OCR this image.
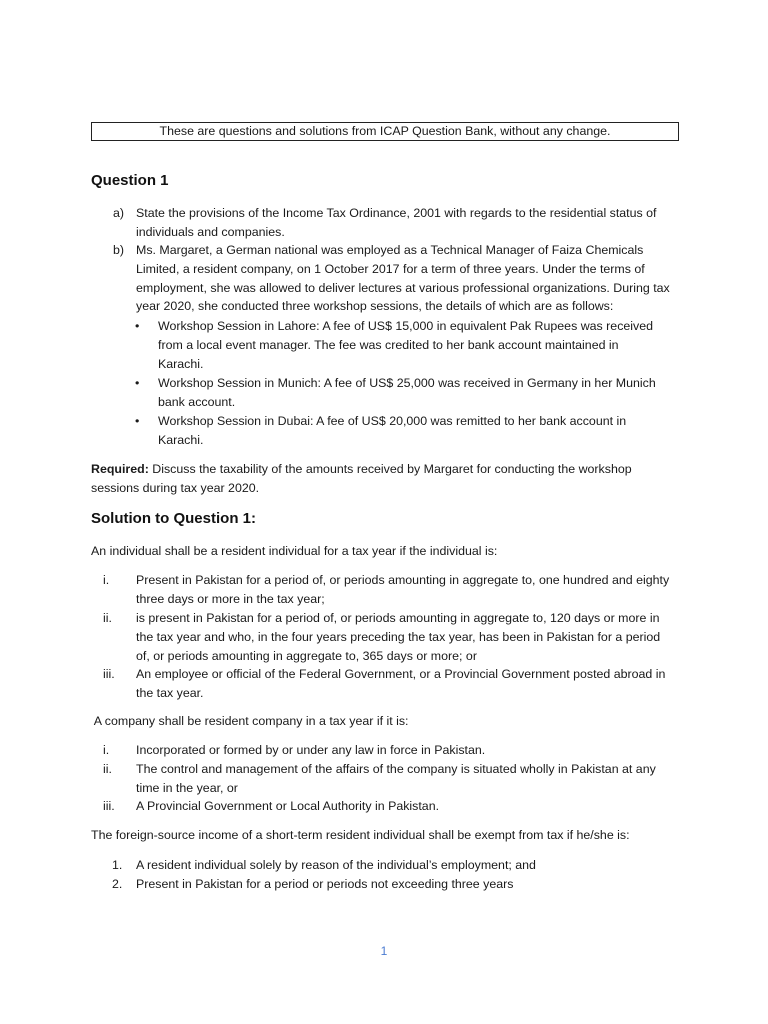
These are questions and solutions from ICAP Question Bank, without any change.
Question 1
a) State the provisions of the Income Tax Ordinance, 2001 with regards to the residential status of individuals and companies.
b) Ms. Margaret, a German national was employed as a Technical Manager of Faiza Chemicals Limited, a resident company, on 1 October 2017 for a term of three years. Under the terms of employment, she was allowed to deliver lectures at various professional organizations. During tax year 2020, she conducted three workshop sessions, the details of which are as follows:
• Workshop Session in Lahore: A fee of US$ 15,000 in equivalent Pak Rupees was received from a local event manager. The fee was credited to her bank account maintained in Karachi.
• Workshop Session in Munich: A fee of US$ 25,000 was received in Germany in her Munich bank account.
• Workshop Session in Dubai: A fee of US$ 20,000 was remitted to her bank account in Karachi.
Required: Discuss the taxability of the amounts received by Margaret for conducting the workshop sessions during tax year 2020.
Solution to Question 1:
An individual shall be a resident individual for a tax year if the individual is:
i. Present in Pakistan for a period of, or periods amounting in aggregate to, one hundred and eighty three days or more in the tax year;
ii. is present in Pakistan for a period of, or periods amounting in aggregate to, 120 days or more in the tax year and who, in the four years preceding the tax year, has been in Pakistan for a period of, or periods amounting in aggregate to, 365 days or more; or
iii. An employee or official of the Federal Government, or a Provincial Government posted abroad in the tax year.
A company shall be resident company in a tax year if it is:
i. Incorporated or formed by or under any law in force in Pakistan.
ii. The control and management of the affairs of the company is situated wholly in Pakistan at any time in the year, or
iii. A Provincial Government or Local Authority in Pakistan.
The foreign-source income of a short-term resident individual shall be exempt from tax if he/she is:
1. A resident individual solely by reason of the individual’s employment; and
2. Present in Pakistan for a period or periods not exceeding three years
1
